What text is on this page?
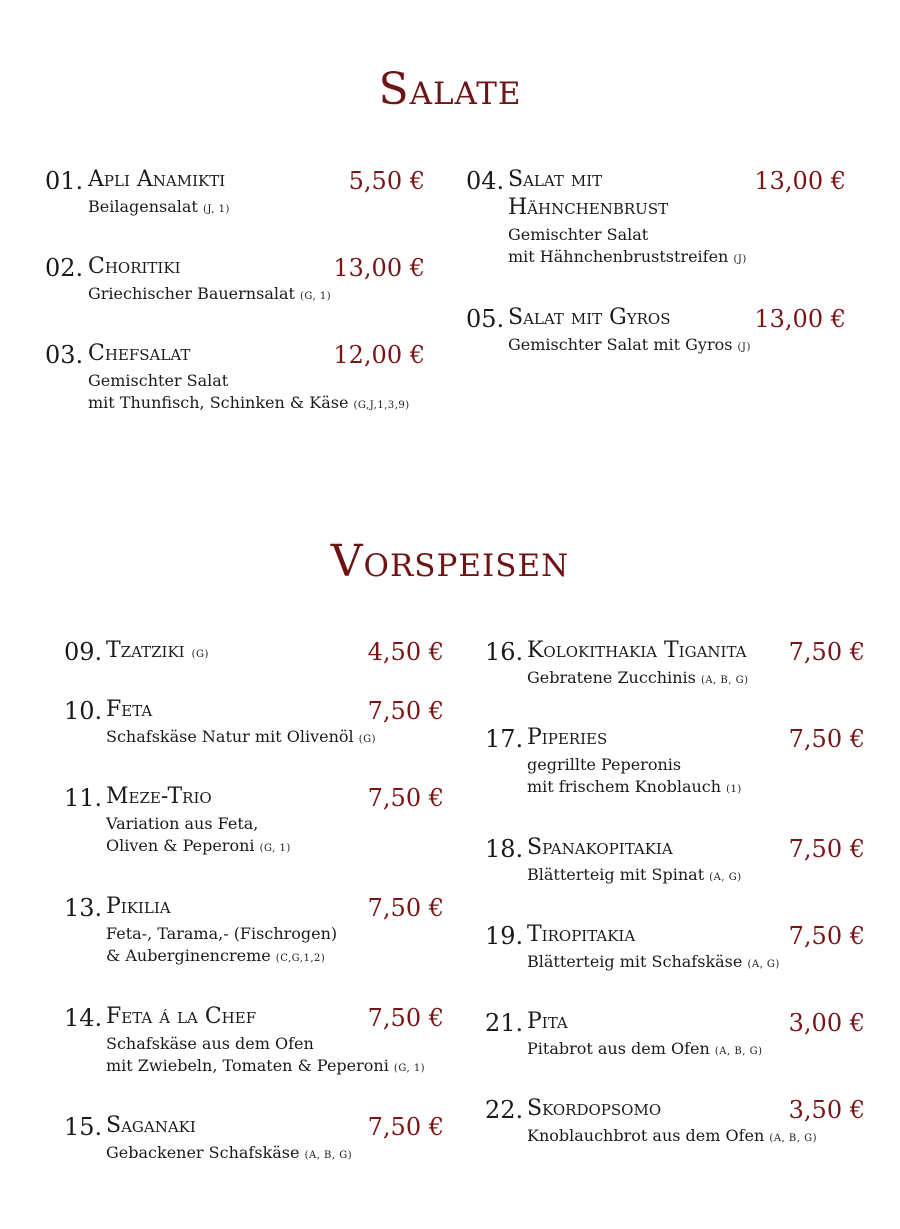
Salate
01. Apli Anamikti	5,50 €
Beilagensalat (J, 1)
02. Choritiki	13,00 €
Griechischer Bauernsalat (G, 1)
03. Chefsalat	12,00 €
Gemischter Salat
mit Thunfisch, Schinken & Käse (G,J,1,3,9)
04. Salat mit
Hähnchenbrust
13,00 €
Gemischter Salat
mit Hähnchenbruststreifen (J)
05. Salat mit Gyros	13,00 €
Gemischter Salat mit Gyros (J)
Vorspeisen
09. Tzatziki (G)	4,50 €
10. Feta	7,50 €
Schafskäse Natur mit Olivenöl (G)
11. Meze-Trio	7,50 €
Variation aus Feta,
Oliven & Peperoni (G, 1)
13. Pikilia	7,50 €
Feta-, Tarama,- (Fischrogen)
& Auberginencreme (C,G,1,2)
14. Feta á la Chef	7,50 €
Schafskäse aus dem Ofen
mit Zwiebeln, Tomaten & Peperoni (G, 1)
15. Saganaki	7,50 €
Gebackener Schafskäse (A, B, G)
16. Kolokithakia Tiganita 7,50 €
Gebratene Zucchinis (A, B, G)
17. Piperies	7,50 €
gegrillte Peperonis
mit frischem Knoblauch (1)
18. Spanakopitakia	7,50 €
Blätterteig mit Spinat (A, G)
19. Tiropitakia	7,50 €
Blätterteig mit Schafskäse (A, G)
21. Pita	3,00 €
Pitabrot aus dem Ofen (A, B, G)
22. Skordopsomo	3,50 €
Knoblauchbrot aus dem Ofen (A, B, G)
